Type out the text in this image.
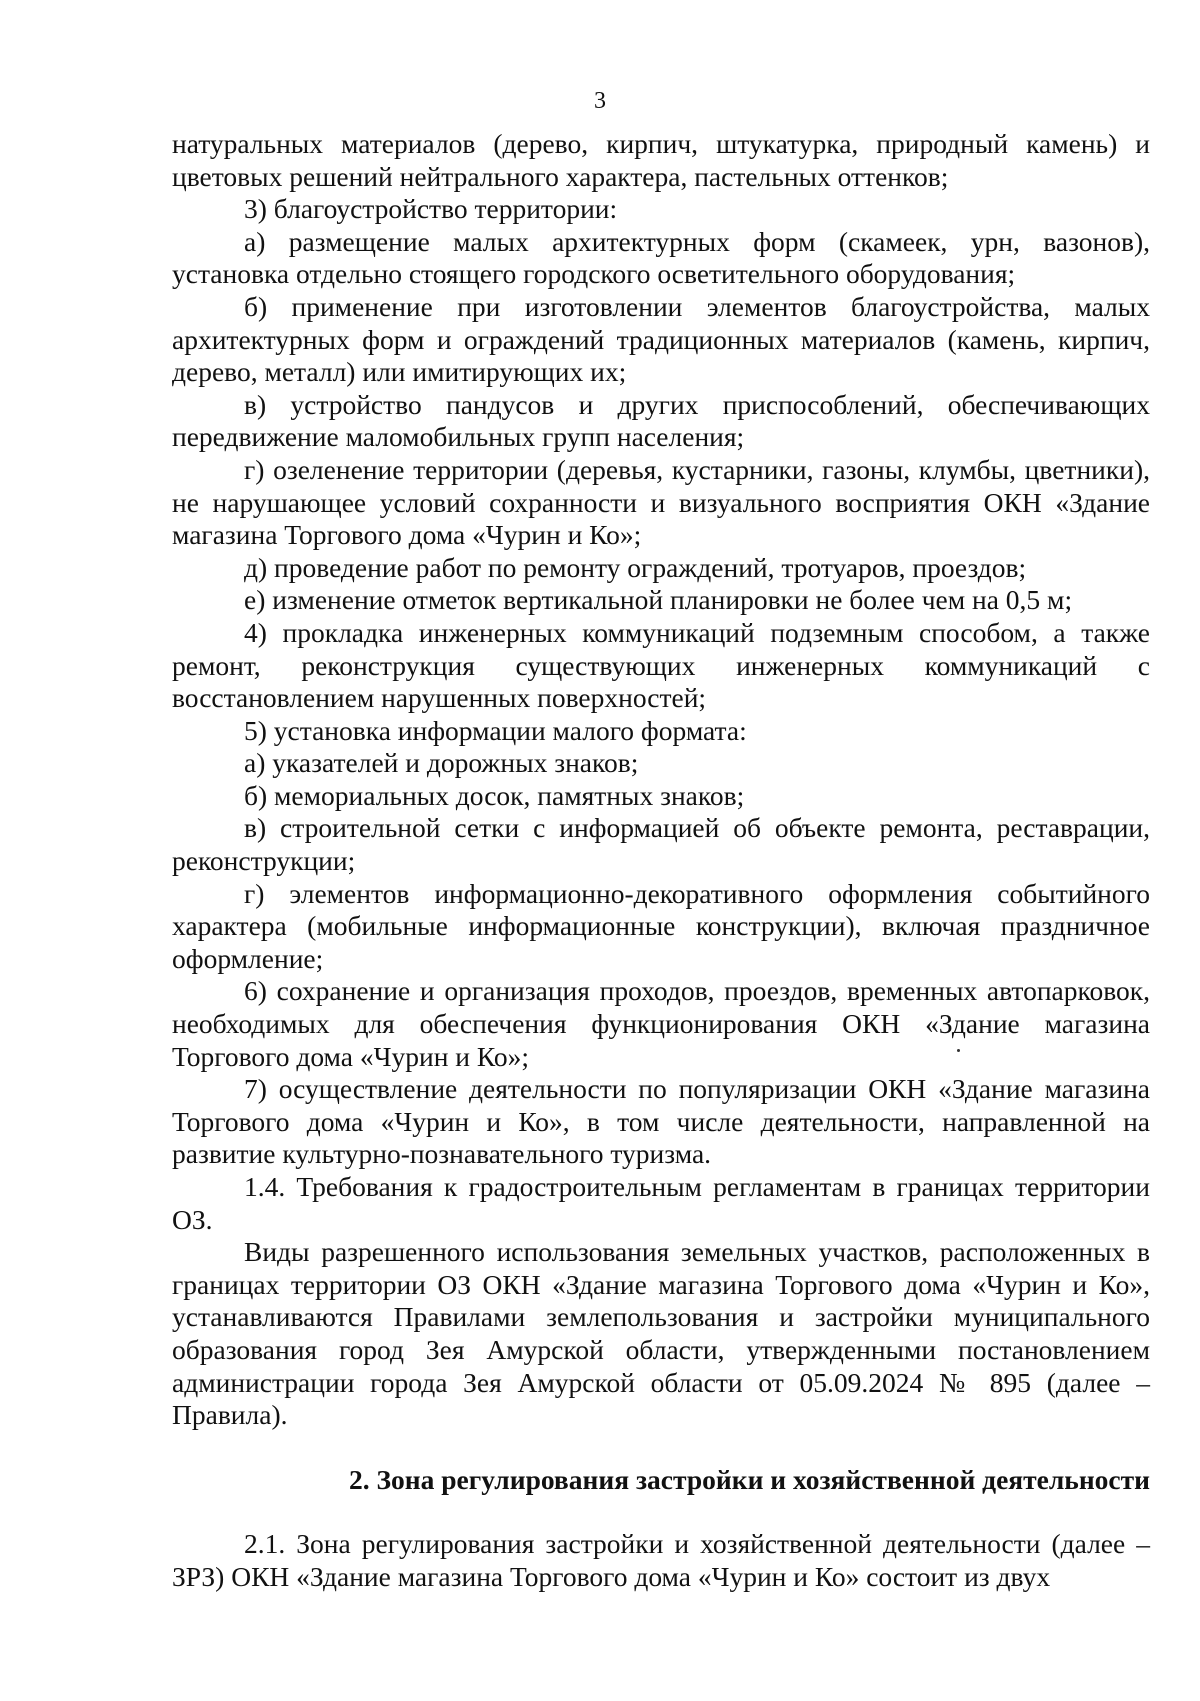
3

натуральных материалов (дерево, кирпич, штукатурка, природный камень) и цветовых решений нейтрального характера, пастельных оттенков;

3) благоустройство территории:

а) размещение малых архитектурных форм (скамеек, урн, вазонов), установка отдельно стоящего городского осветительного оборудования;

б) применение при изготовлении элементов благоустройства, малых архитектурных форм и ограждений традиционных материалов (камень, кирпич, дерево, металл) или имитирующих их;

в) устройство пандусов и других приспособлений, обеспечивающих передвижение маломобильных групп населения;

г) озеленение территории (деревья, кустарники, газоны, клумбы, цветники), не нарушающее условий сохранности и визуального восприятия ОКН «Здание магазина Торгового дома «Чурин и Ко»;

д) проведение работ по ремонту ограждений, тротуаров, проездов;

е) изменение отметок вертикальной планировки не более чем на 0,5 м;

4) прокладка инженерных коммуникаций подземным способом, а также ремонт, реконструкция существующих инженерных коммуникаций с восстановлением нарушенных поверхностей;

5) установка информации малого формата:

а) указателей и дорожных знаков;

б) мемориальных досок, памятных знаков;

в) строительной сетки с информацией об объекте ремонта, реставрации, реконструкции;

г) элементов информационно-декоративного оформления событийного характера (мобильные информационные конструкции), включая праздничное оформление;

6) сохранение и организация проходов, проездов, временных автопарковок, необходимых для обеспечения функционирования ОКН «Здание магазина Торгового дома «Чурин и Ко»;

7) осуществление деятельности по популяризации ОКН «Здание магазина Торгового дома «Чурин и Ко», в том числе деятельности, направленной на развитие культурно-познавательного туризма.

1.4. Требования к градостроительным регламентам в границах территории ОЗ.

Виды разрешенного использования земельных участков, расположенных в границах территории ОЗ ОКН «Здание магазина Торгового дома «Чурин и Ко», устанавливаются Правилами землепользования и застройки муниципального образования город Зея Амурской области, утвержденными постановлением администрации города Зея Амурской области от 05.09.2024 № 895 (далее – Правила).

2. Зона регулирования застройки и хозяйственной деятельности

2.1. Зона регулирования застройки и хозяйственной деятельности (далее – ЗРЗ) ОКН «Здание магазина Торгового дома «Чурин и Ко» состоит из двух
